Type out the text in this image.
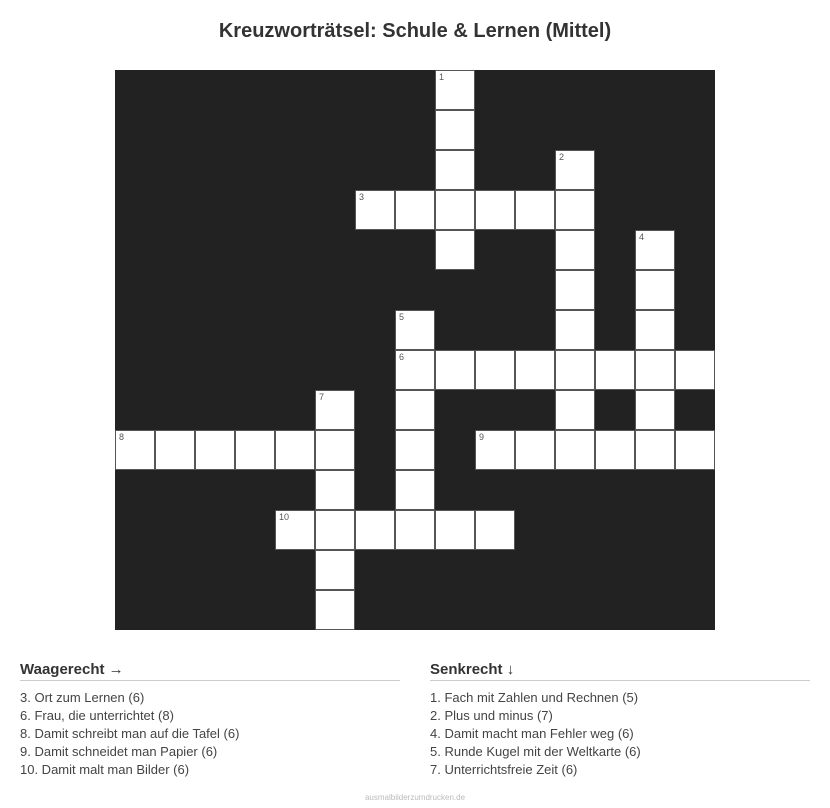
Kreuzworträtsel: Schule & Lernen (Mittel)
1
2
3
4
5
6
7
8	9
10
Waagerecht →
3. Ort zum Lernen (6)
6. Frau, die unterrichtet (8)
8. Damit schreibt man auf die Tafel (6)
9. Damit schneidet man Papier (6)
10. Damit malt man Bilder (6)
Senkrecht ↓
1. Fach mit Zahlen und Rechnen (5)
2. Plus und minus (7)
4. Damit macht man Fehler weg (6)
5. Runde Kugel mit der Weltkarte (6)
7. Unterrichtsfreie Zeit (6)
ausmalbilderzumdrucken.de
